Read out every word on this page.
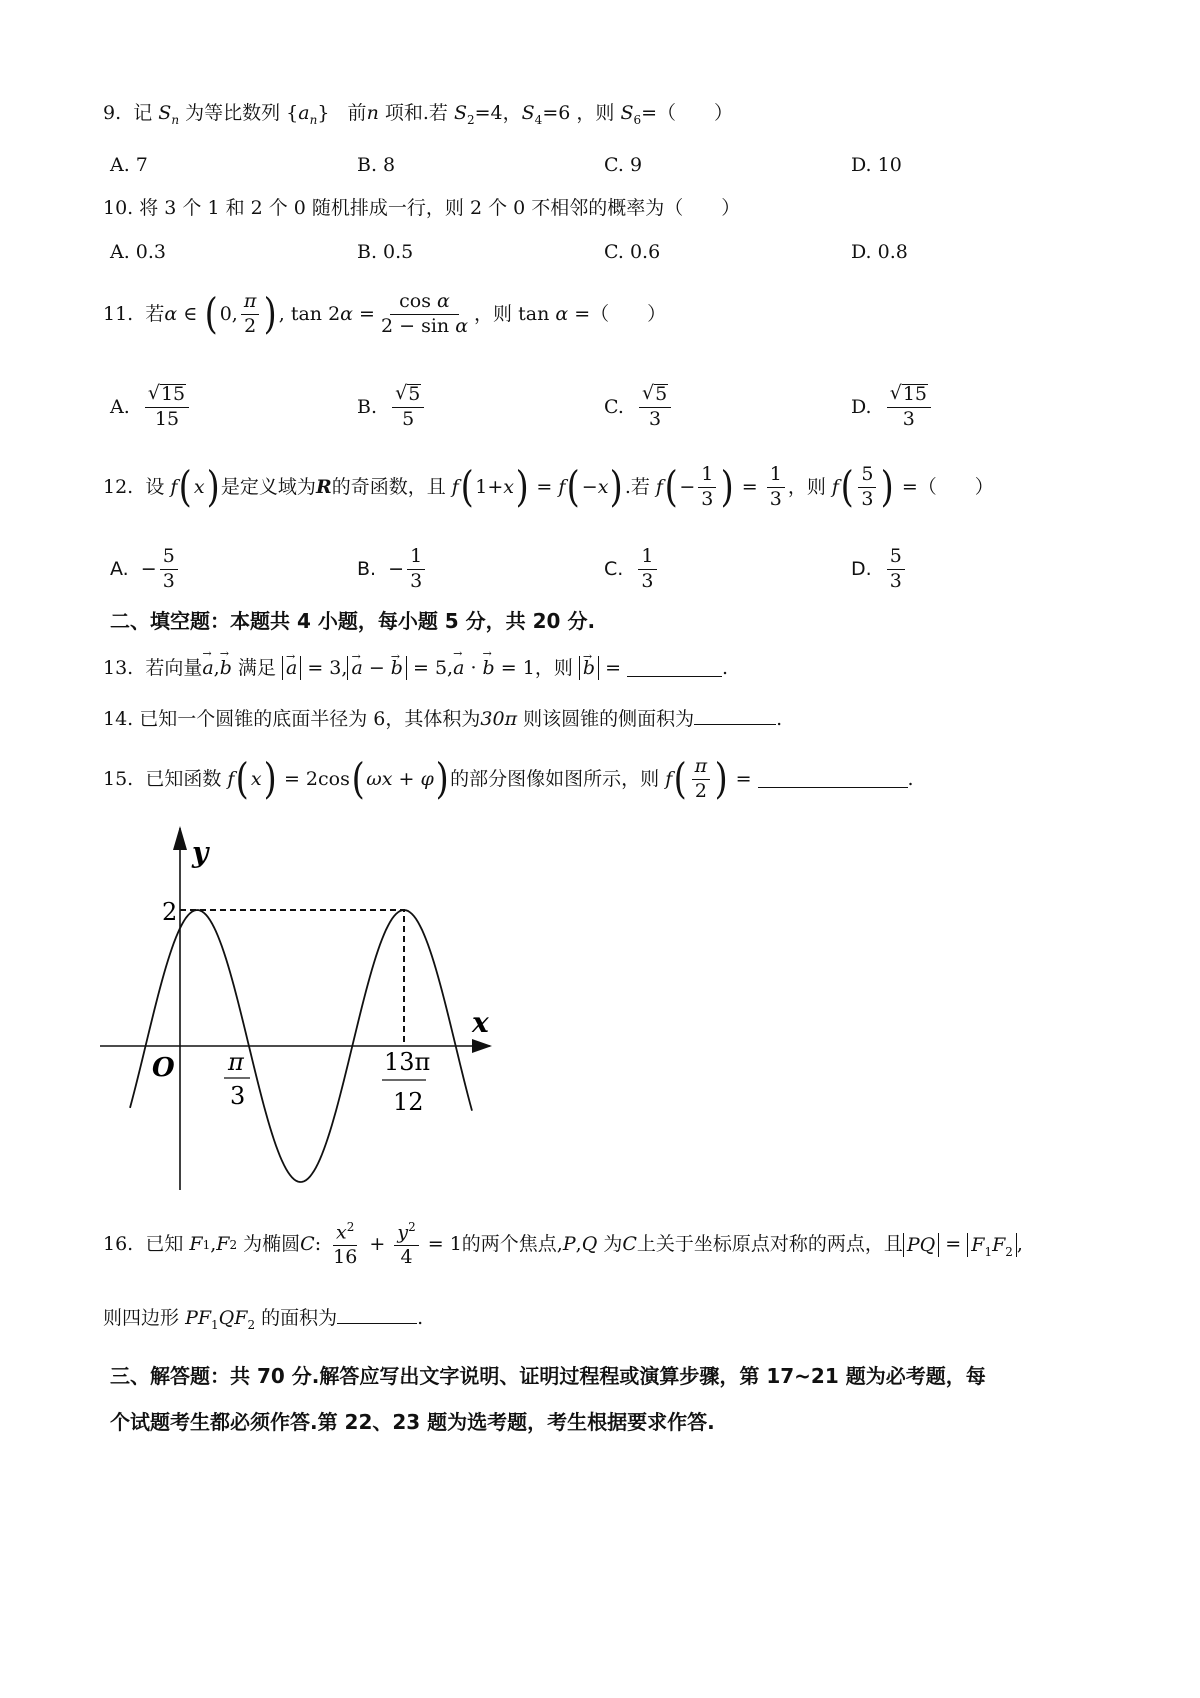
9. 记 $S_n$ 为等比数列 $\{a_n\}$   前n 项和.若 $S_2=4$，$S_4=6$ ，则 $S_6=$（　　）
A. 7	B. 8	C. 9	D. 10
10. 将 3 个 1 和 2 个 0 随机排成一行，则 2 个 0 不相邻的概率为（　　）
A. 0.3	B. 0.5	C. 0.6	D. 0.8
11.
若 α ∈ ( 0, $\frac{\pi}{2}$ ) , tan 2 $\alpha = \frac{\text{cos α}}{\text{2 − sin α}}$ ， 则 tan α
=（　　）
A.
$\frac{√ 15}{15}$	B.
$\frac{√ 5}{5}$	C.
$\frac{√ 5}{3}$	D.
$\frac{√ 15}{3}$
12.
设
f ( x ) 是定义域为 R 的奇函数，且
f ( 1+ x ) = f ( − x ) .若
f ( − $\frac{1}{3}$ ) = $\frac{1}{3}$ ，则
f ( $\frac{5}{3}$ )
=（　　）
A.
− $\frac{5}{3}$	B.
− $\frac{1}{3}$	C.
$\frac{1}{3}$	D.
$\frac{5}{3}$
二、填空题：本题共 4 小题，每小题 5 分，共 20 分.
13.
若向量 → a , → b
满足
→ a = 3, → a − → b = 5, → a · → b = 1 ，则
→ b =	.
14. 已知一个圆锥的底面半径为 6，其体积为30π 则该圆锥的侧面积为	.
15.
已知函数
f ( x ) = 2cos ( ωx + φ ) 的部分图像如图所示，则
f ( $\frac{\pi}{2}$ ) =	.
y
x
O
2
π
3
13π
12
16.
已知
F 1 , F 2
为椭圆 C : $\frac{x^2}{16} + \frac{y^2}{4} = 1$ 的两个焦点, P , Q
为 C 上关于坐标原点对称的两点，且 PQ = $F_1F_2$ ,
则四边形 $PF_1QF_2$ 的面积为	.
三、解答题：共 70 分.解答应写出文字说明、证明过程程或演算步骤，第 17~21 题为必考题，每
个试题考生都必须作答.第 22、23 题为选考题，考生根据要求作答.
